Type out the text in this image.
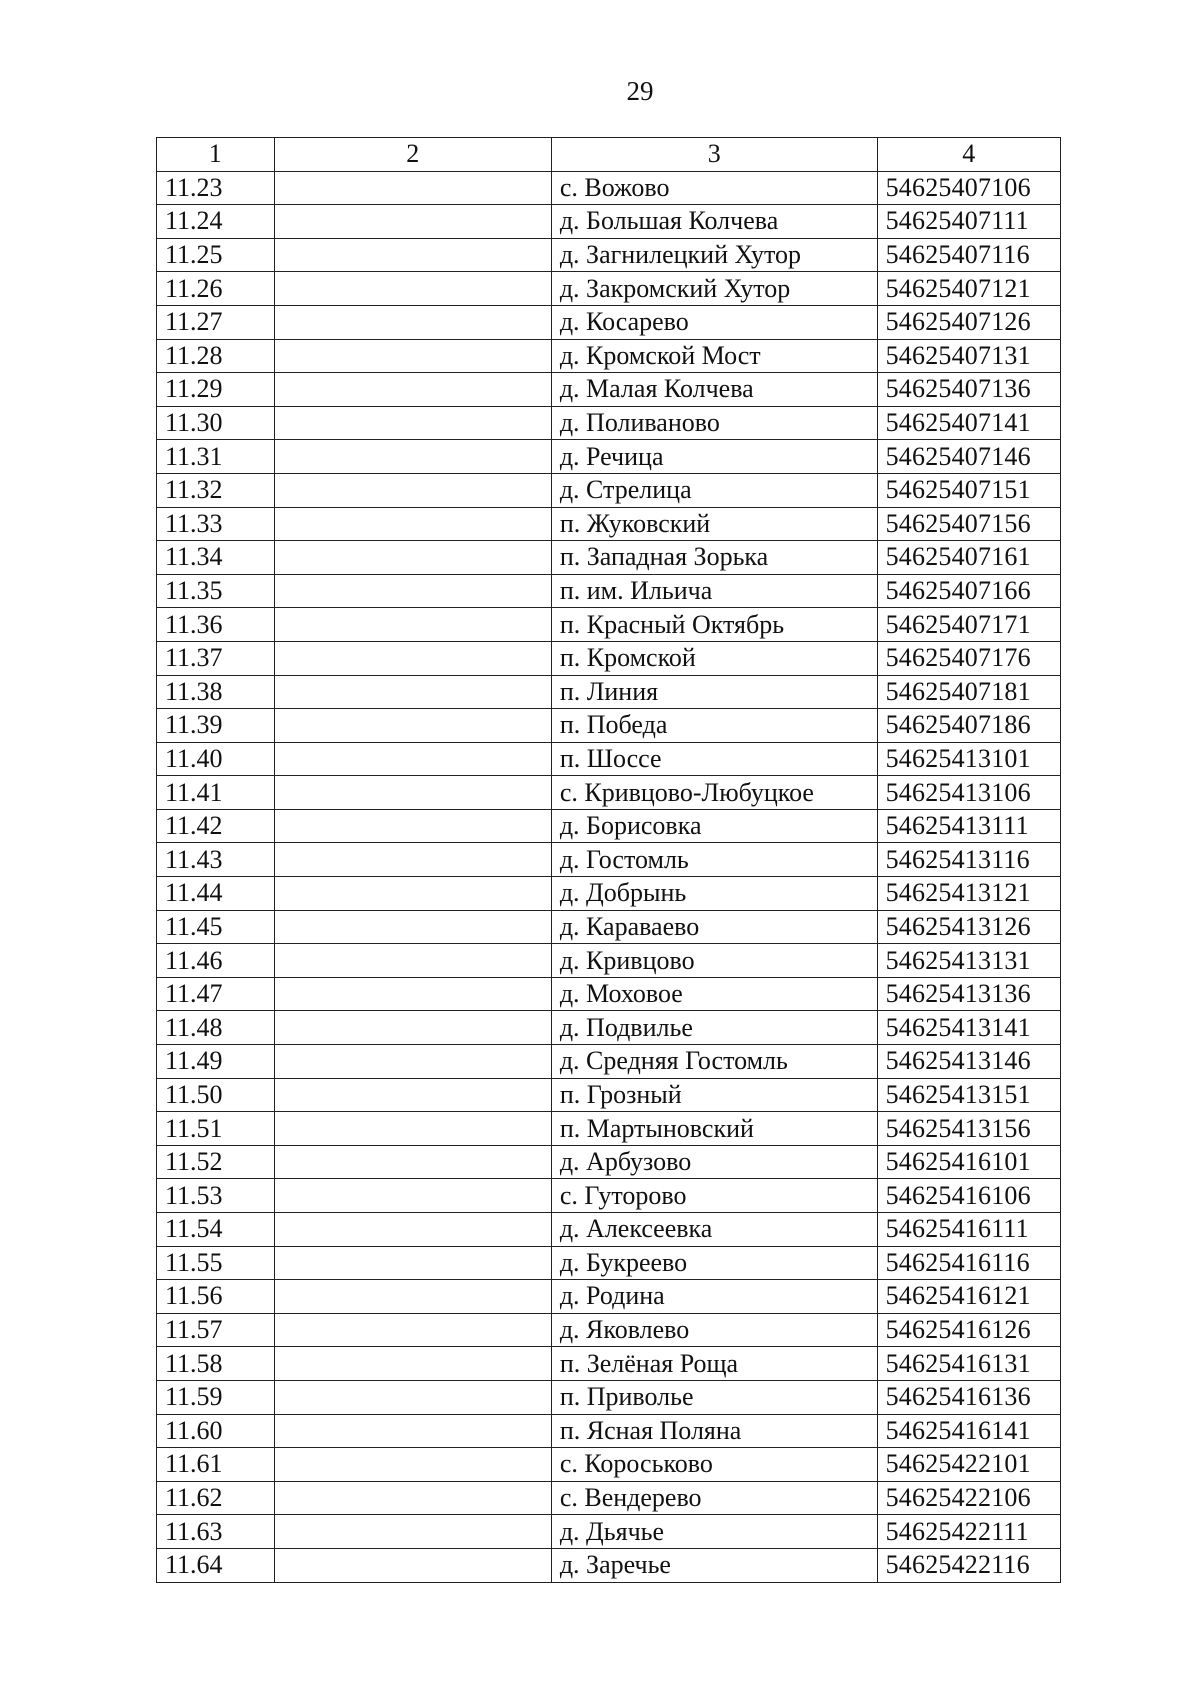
29
1	2	3	4
11.23		с. Вожово	54625407106
11.24		д. Большая Колчева	54625407111
11.25		д. Загнилецкий Хутор	54625407116
11.26		д. Закромский Хутор	54625407121
11.27		д. Косарево	54625407126
11.28		д. Кромской Мост	54625407131
11.29		д. Малая Колчева	54625407136
11.30		д. Поливаново	54625407141
11.31		д. Речица	54625407146
11.32		д. Стрелица	54625407151
11.33		п. Жуковский	54625407156
11.34		п. Западная Зорька	54625407161
11.35		п. им. Ильича	54625407166
11.36		п. Красный Октябрь	54625407171
11.37		п. Кромской	54625407176
11.38		п. Линия	54625407181
11.39		п. Победа	54625407186
11.40		п. Шоссе	54625413101
11.41		с. Кривцово-Любуцкое	54625413106
11.42		д. Борисовка	54625413111
11.43		д. Гостомль	54625413116
11.44		д. Добрынь	54625413121
11.45		д. Караваево	54625413126
11.46		д. Кривцово	54625413131
11.47		д. Моховое	54625413136
11.48		д. Подвилье	54625413141
11.49		д. Средняя Гостомль	54625413146
11.50		п. Грозный	54625413151
11.51		п. Мартыновский	54625413156
11.52		д. Арбузово	54625416101
11.53		с. Гуторово	54625416106
11.54		д. Алексеевка	54625416111
11.55		д. Букреево	54625416116
11.56		д. Родина	54625416121
11.57		д. Яковлево	54625416126
11.58		п. Зелёная Роща	54625416131
11.59		п. Приволье	54625416136
11.60		п. Ясная Поляна	54625416141
11.61		с. Короськово	54625422101
11.62		с. Вендерево	54625422106
11.63		д. Дьячье	54625422111
11.64		д. Заречье	54625422116
